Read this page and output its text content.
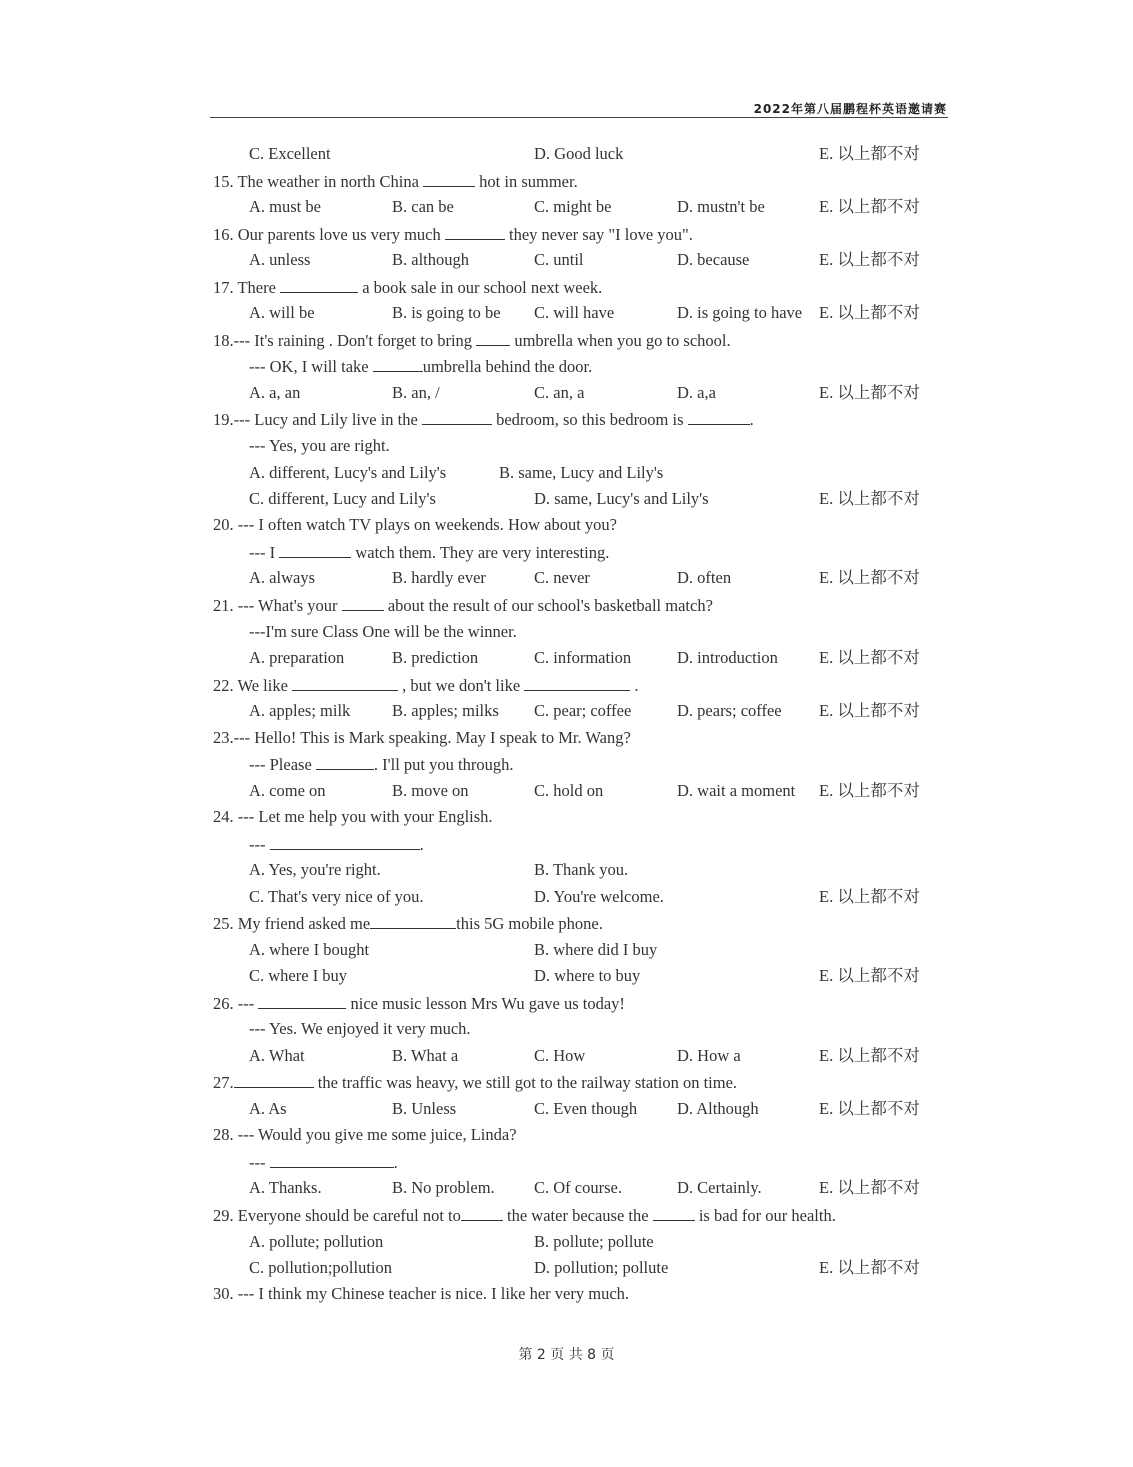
2022年第八届鹏程杯英语邀请赛
C. Excellent	D. Good luck	E. 以上都不对
15. The weather in north China	hot in summer.
A. must be	B. can be	C. might be	D. mustn't be	E. 以上都不对
16. Our parents love us very much	they never say "I love you".
A. unless	B. although	C. until	D. because	E. 以上都不对
17. There	a book sale in our school next week.
A. will be	B. is going to be C. will have	D. is going to have E. 以上都不对
18.--- It's raining . Don't forget to bring	umbrella when you go to school.
--- OK, I will take	umbrella behind the door.
A. a, an	B. an, /	C. an, a	D. a,a	E. 以上都不对
19.--- Lucy and Lily live in the	bedroom, so this bedroom is	.
--- Yes, you are right.
A. different, Lucy's and Lily's	B. same, Lucy and Lily's
C. different, Lucy and Lily's	D. same, Lucy's and Lily's	E. 以上都不对
20. --- I often watch TV plays on weekends. How about you?
--- I	watch them. They are very interesting.
A. always	B. hardly ever	C. never	D. often	E. 以上都不对
21. --- What's your	about the result of our school's basketball match?
---I'm sure Class One will be the winner.
A. preparation	B. prediction	C. information	D. introduction E. 以上都不对
22. We like	, but we don't like	.
A. apples; milk	B. apples; milks C. pear; coffee	D. pears; coffee E. 以上都不对
23.--- Hello! This is Mark speaking. May I speak to Mr. Wang?
--- Please	. I'll put you through.
A. come on	B. move on	C. hold on	D. wait a moment E. 以上都不对
24. --- Let me help you with your English.
---	.
A. Yes, you're right.	B. Thank you.
C. That's very nice of you.	D. You're welcome.	E. 以上都不对
25. My friend asked me	this 5G mobile phone.
A. where I bought	B. where did I buy
C. where I buy	D. where to buy	E. 以上都不对
26. ---	nice music lesson Mrs Wu gave us today!
--- Yes. We enjoyed it very much.
A. What	B. What a	C. How	D. How a	E. 以上都不对
27.	the traffic was heavy, we still got to the railway station on time.
A. As	B. Unless	C. Even though D. Although	E. 以上都不对
28. --- Would you give me some juice, Linda?
---	.
A. Thanks.	B. No problem. C. Of course.	D. Certainly.	E. 以上都不对
29. Everyone should be careful not to	the water because the	is bad for our health.
A. pollute; pollution	B. pollute; pollute
C. pollution;pollution	D. pollution; pollute	E. 以上都不对
30. --- I think my Chinese teacher is nice. I like her very much.
第 2 页 共 8 页
